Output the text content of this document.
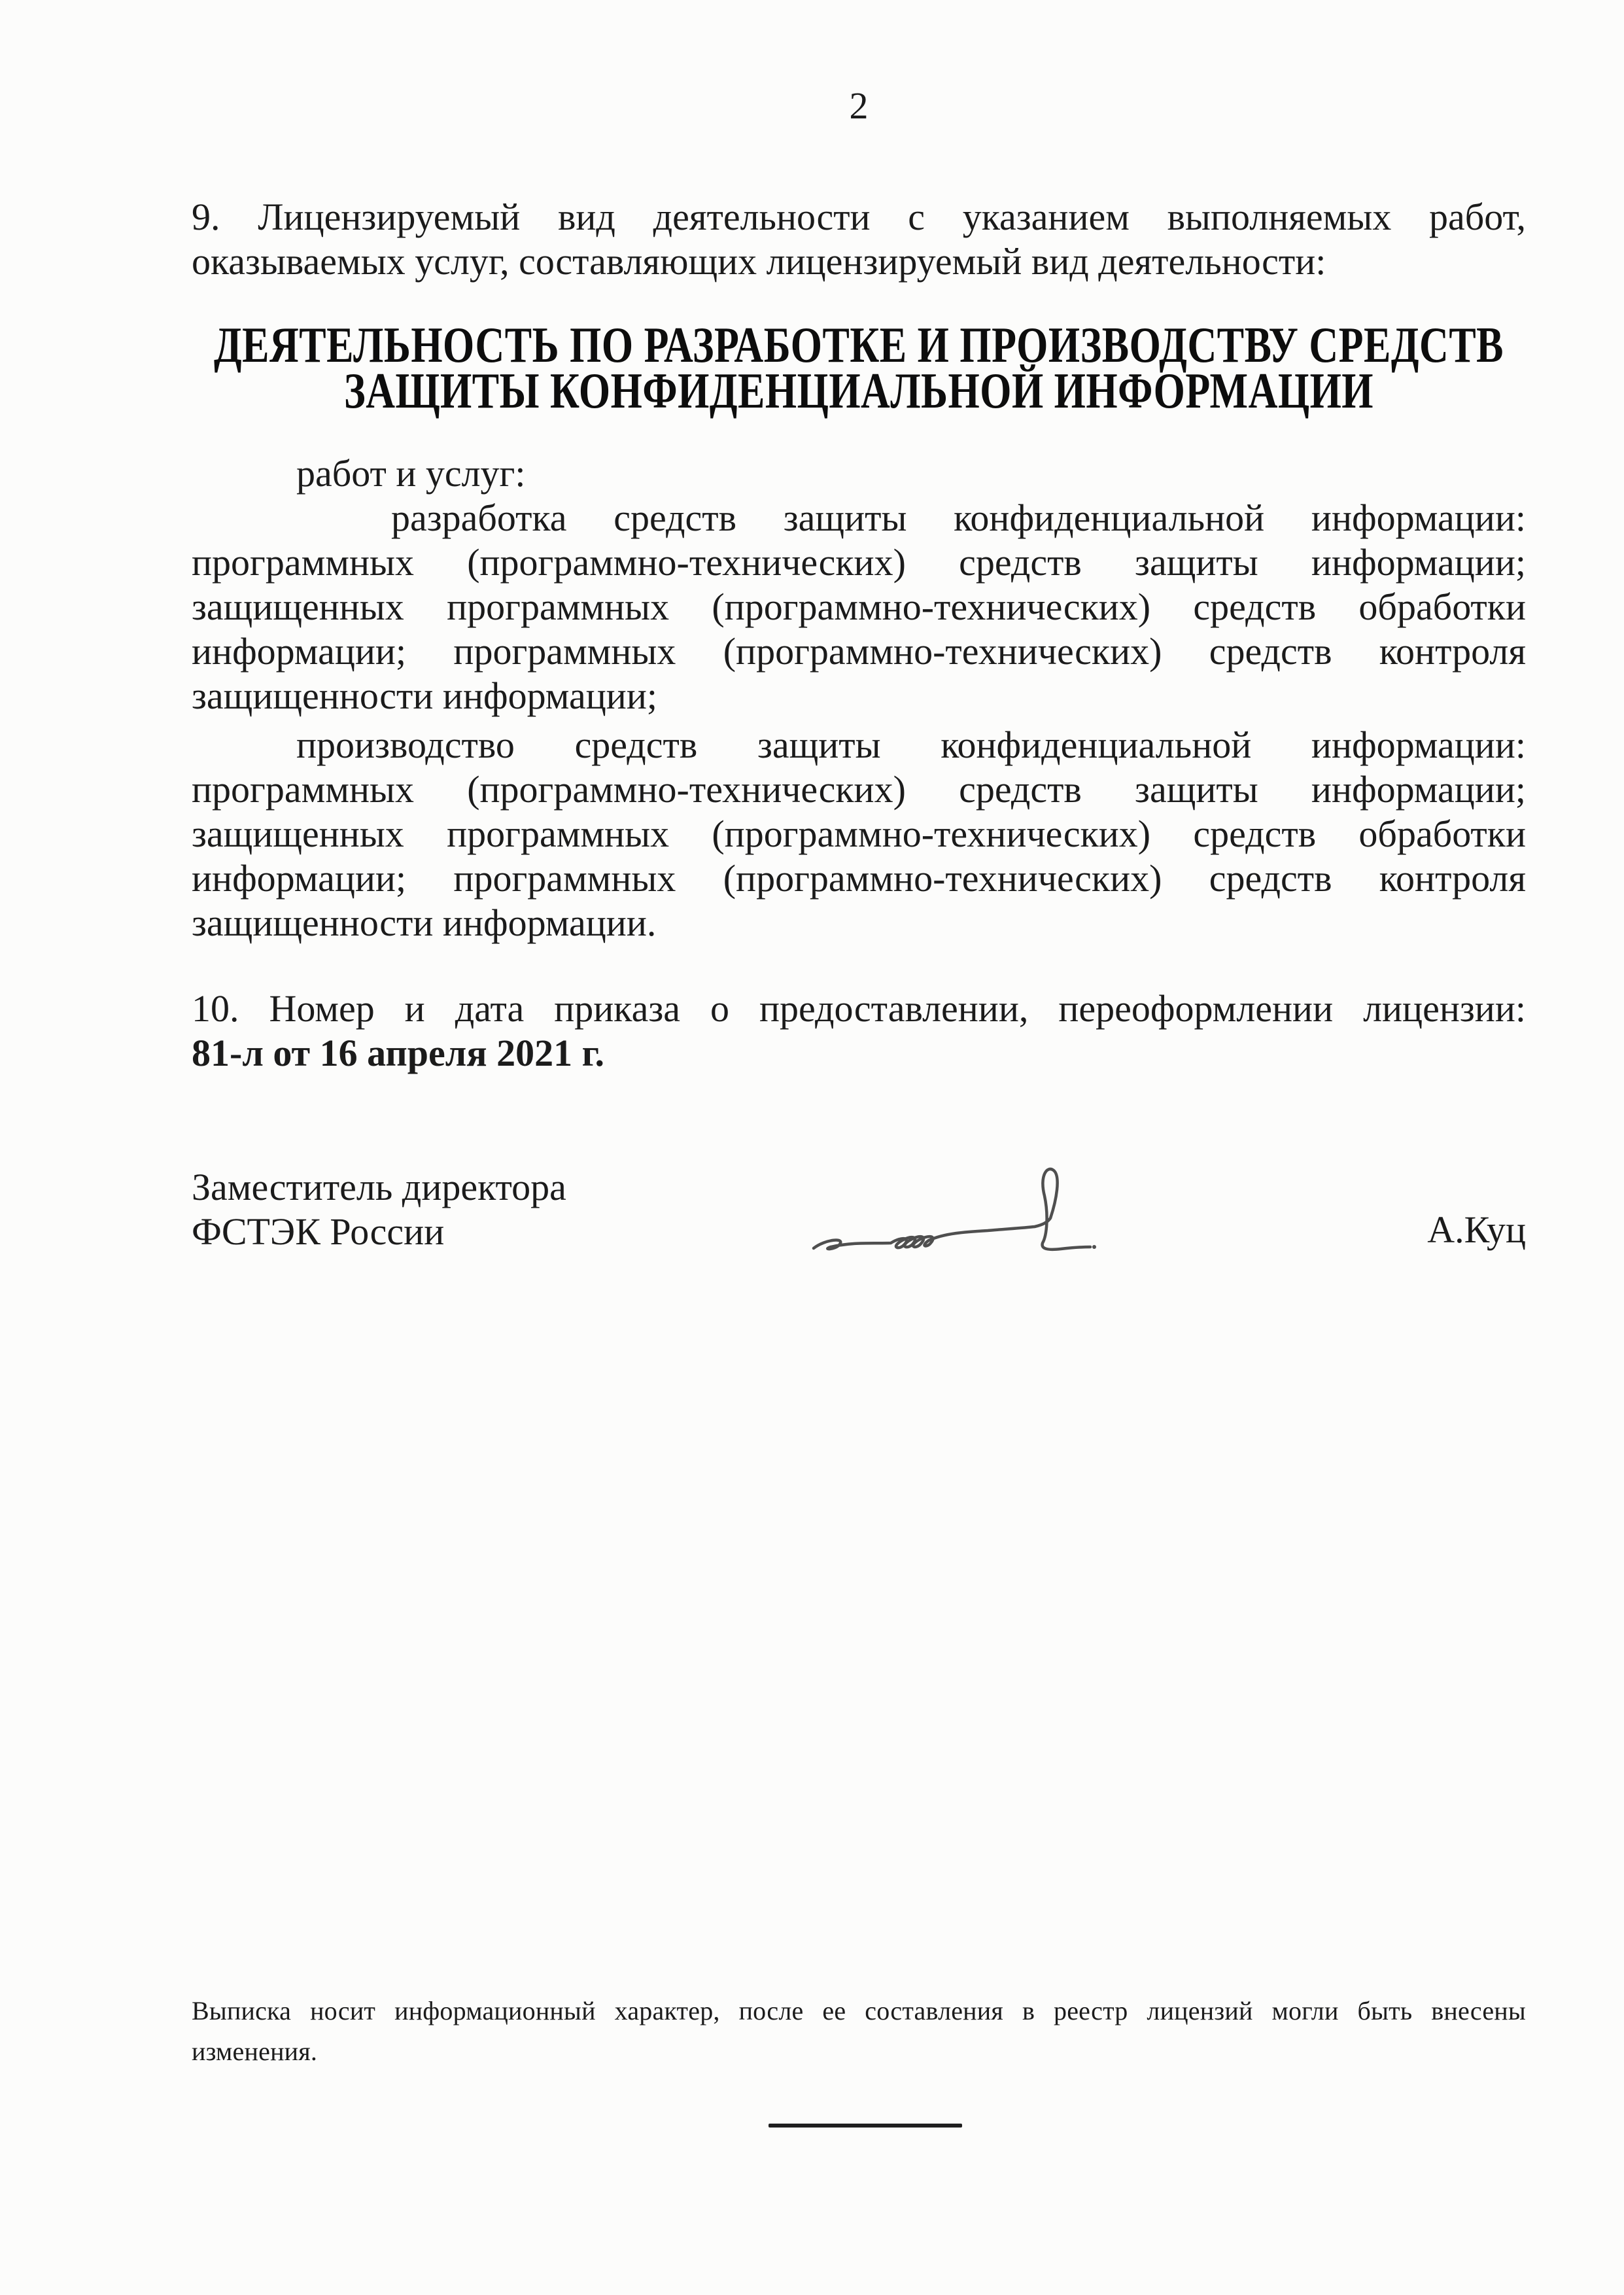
2
9. Лицензируемый вид деятельности с указанием выполняемых работ,
оказываемых услуг, составляющих лицензируемый вид деятельности:
ДЕЯТЕЛЬНОСТЬ ПО РАЗРАБОТКЕ И ПРОИЗВОДСТВУ СРЕДСТВ
ЗАЩИТЫ КОНФИДЕНЦИАЛЬНОЙ ИНФОРМАЦИИ
работ и услуг:
разработка средств защиты конфиденциальной информации:
программных (программно-технических) средств защиты информации;
защищенных программных (программно-технических) средств обработки
информации; программных (программно-технических) средств контроля
защищенности информации;
производство средств защиты конфиденциальной информации:
программных (программно-технических) средств защиты информации;
защищенных программных (программно-технических) средств обработки
информации; программных (программно-технических) средств контроля
защищенности информации.
10. Номер и дата приказа о предоставлении, переоформлении лицензии:
81-л от 16 апреля 2021 г.
Заместитель директора
ФСТЭК России	А.Куц
Выписка носит информационный характер, после ее составления в реестр лицензий могли быть внесены
изменения.
